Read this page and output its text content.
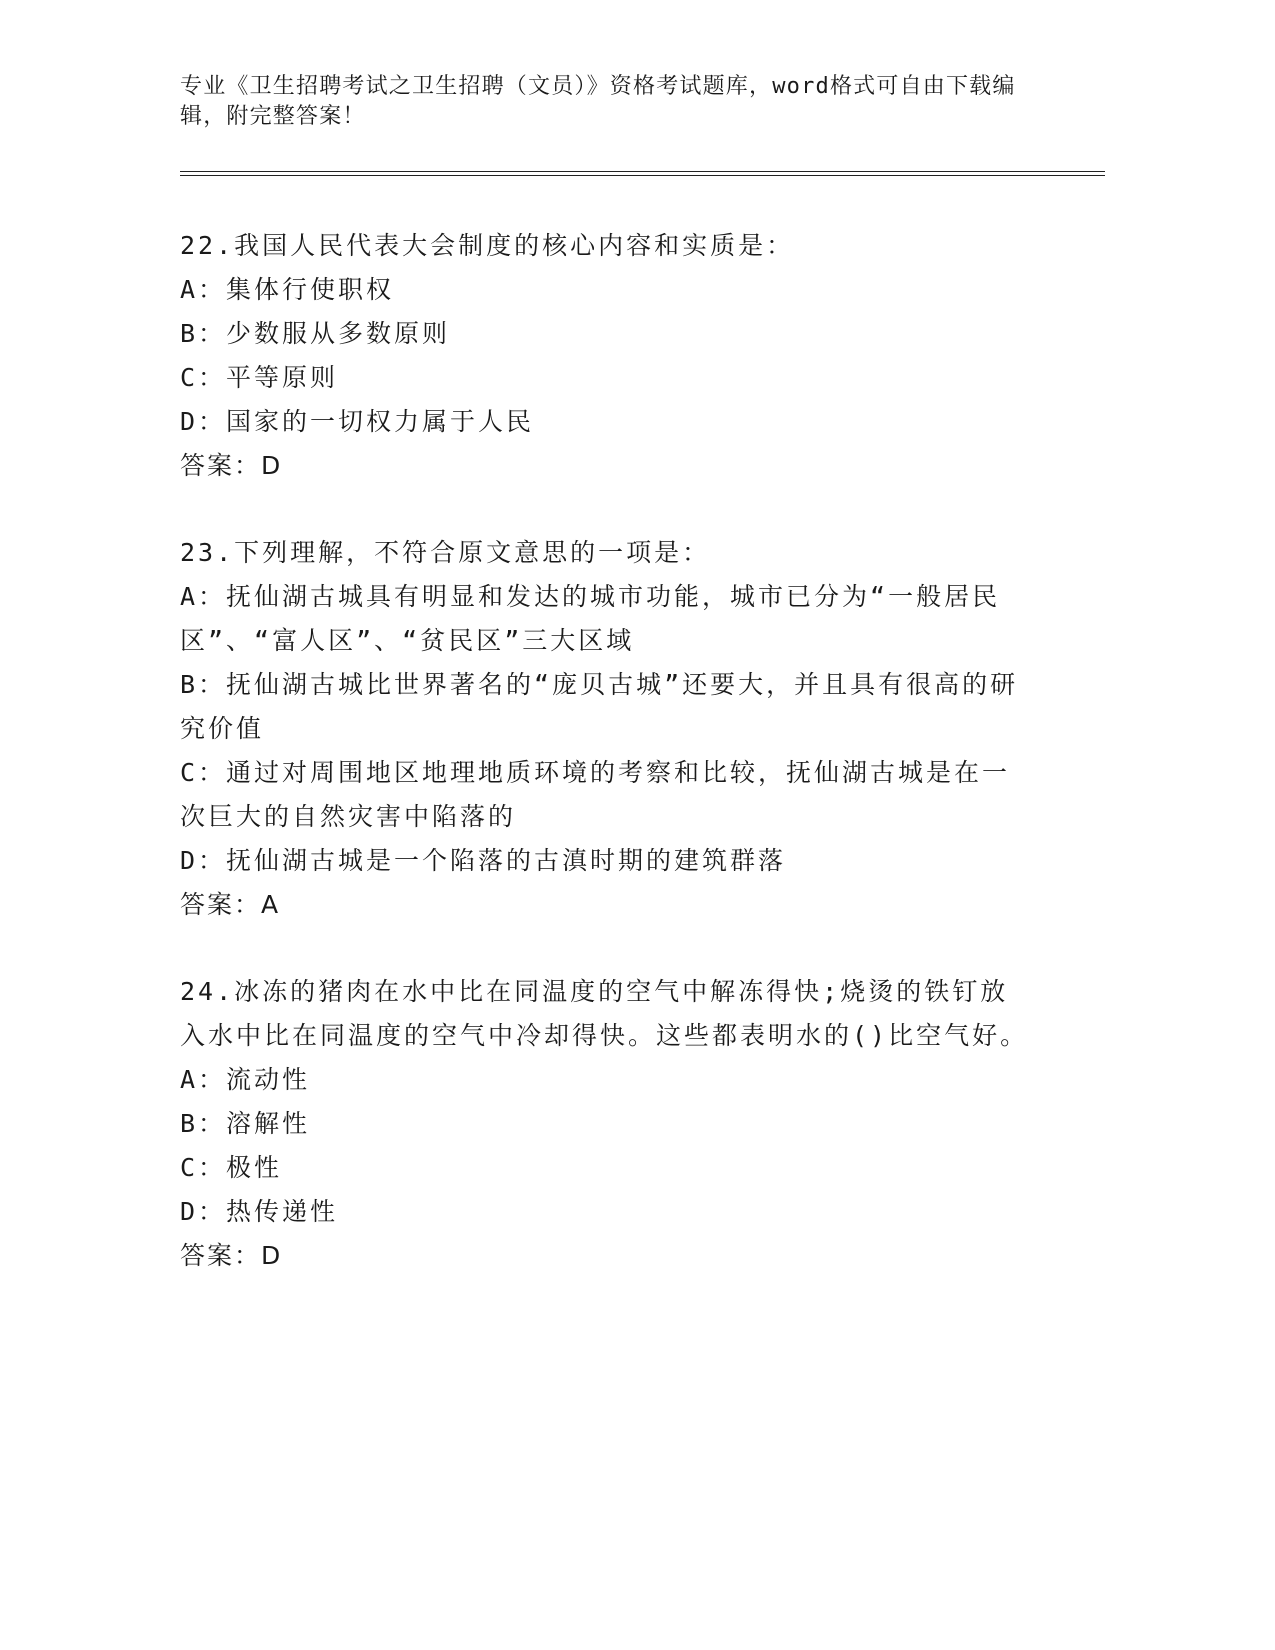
专业《卫生招聘考试之卫生招聘（文员）》资格考试题库，word格式可自由下载编辑，附完整答案！
22.我国人民代表大会制度的核心内容和实质是：
A：集体行使职权
B：少数服从多数原则
C：平等原则
D：国家的一切权力属于人民
答案：D
23.下列理解，不符合原文意思的一项是：
A：抚仙湖古城具有明显和发达的城市功能，城市已分为“一般居民区”、“富人区”、“贫民区”三大区域
B：抚仙湖古城比世界著名的“庞贝古城”还要大，并且具有很高的研究价值
C：通过对周围地区地理地质环境的考察和比较，抚仙湖古城是在一次巨大的自然灾害中陷落的
D：抚仙湖古城是一个陷落的古滇时期的建筑群落
答案：A
24.冰冻的猪肉在水中比在同温度的空气中解冻得快;烧烫的铁钉放入水中比在同温度的空气中冷却得快。这些都表明水的()比空气好。
A：流动性
B：溶解性
C：极性
D：热传递性
答案：D
